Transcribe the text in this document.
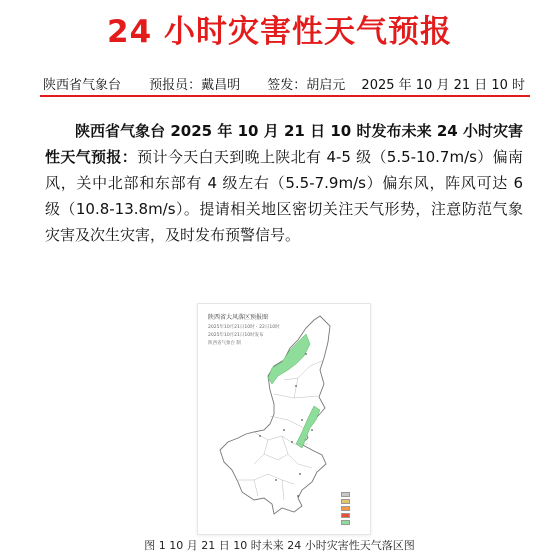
24 小时灾害性天气预报
陕西省气象台 预报员：戴昌明 签发：胡启元 2025 年 10 月 21 日 10 时
陕西省气象台 2025 年 10 月 21 日 10 时发布未来 24 小时灾害性天气预报：预计今天白天到晚上陕北有 4-5 级（5.5-10.7m/s）偏南风，关中北部和东部有 4 级左右（5.5-7.9m/s）偏东风，阵风可达 6 级（10.8-13.8m/s）。提请相关地区密切关注天气形势，注意防范气象灾害及次生灾害，及时发布预警信号。
陕西省大风落区预报图
2025年10月21日10时 - 22日10时
2025年10月21日10时发布
陕西省气象台 制
图 1 10 月 21 日 10 时未来 24 小时灾害性天气落区图
